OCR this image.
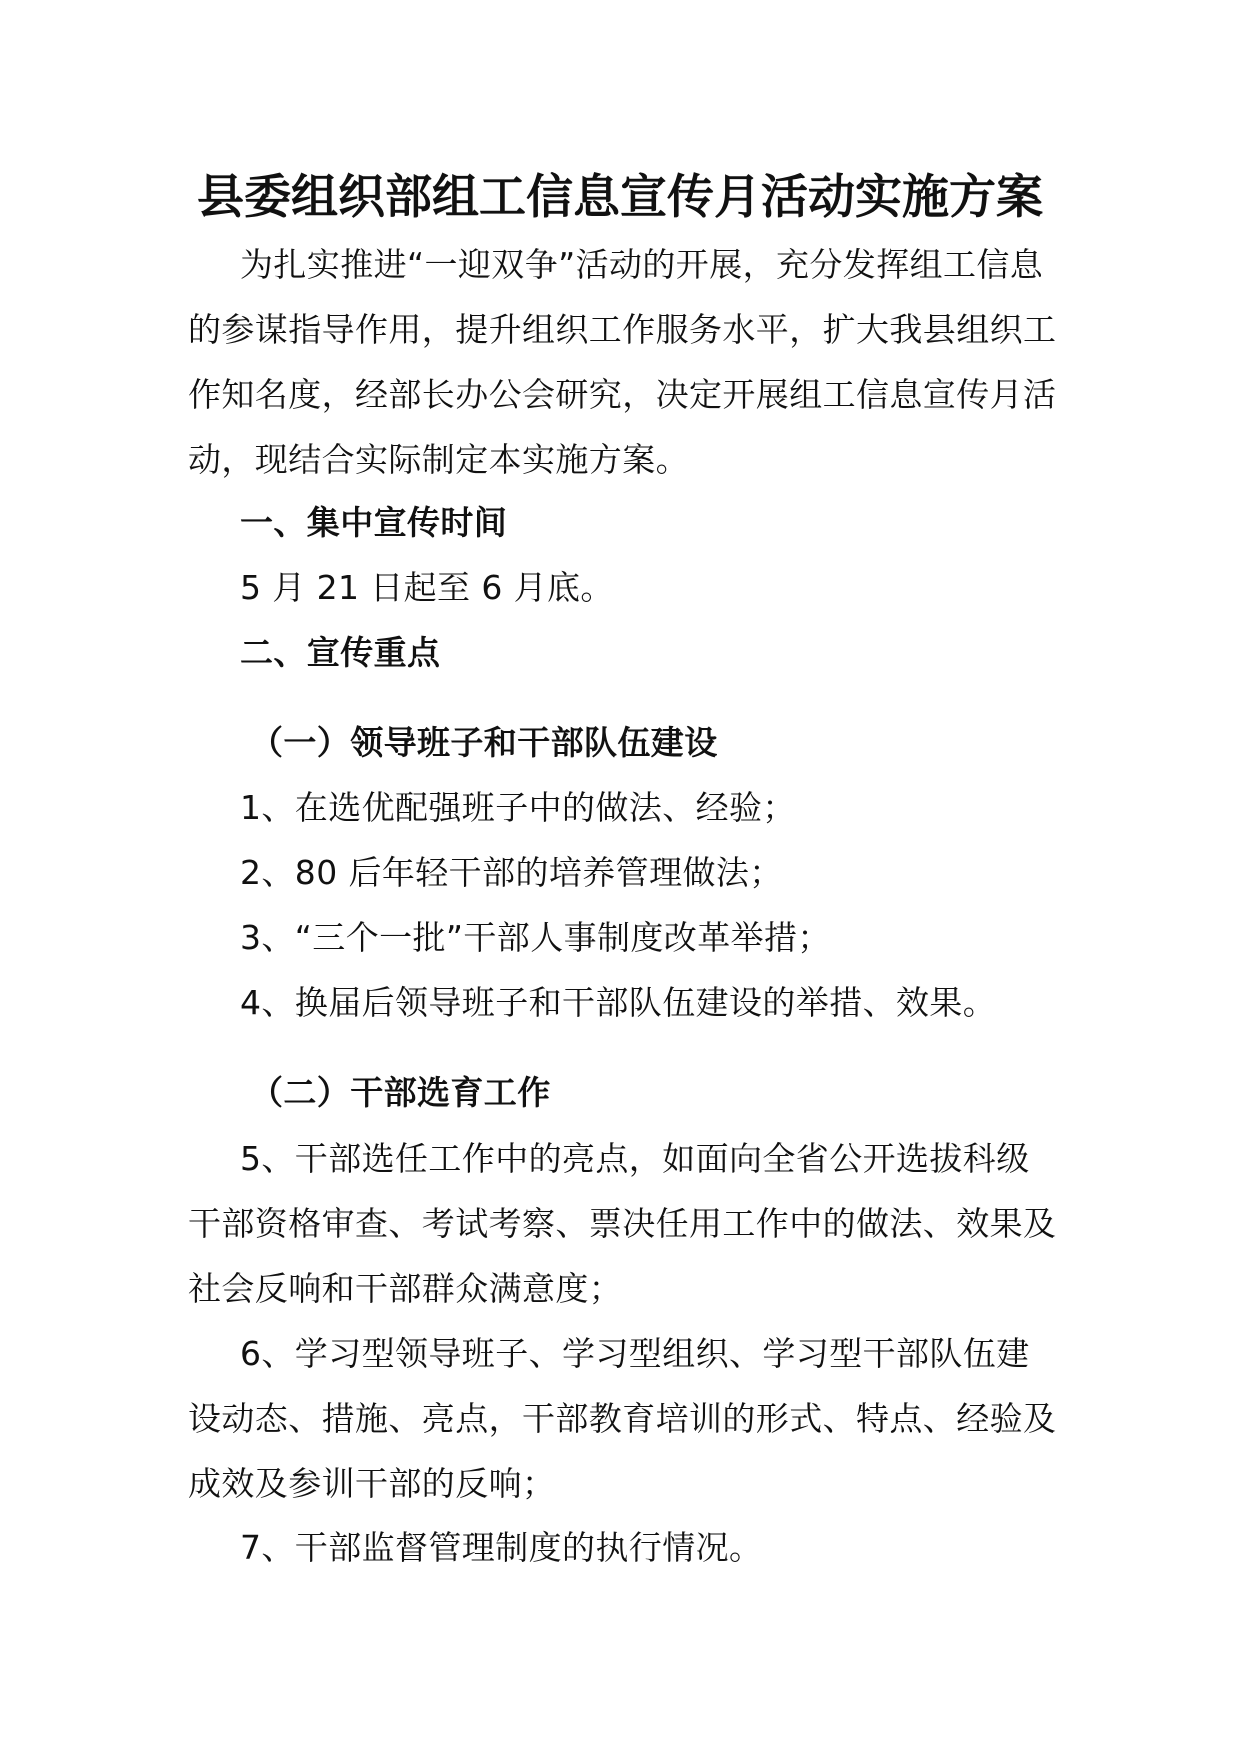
县委组织部组工信息宣传月活动实施方案

为扎实推进“一迎双争”活动的开展，充分发挥组工信息的参谋指导作用，提升组织工作服务水平，扩大我县组织工作知名度，经部长办公会研究，决定开展组工信息宣传月活动，现结合实际制定本实施方案。

一、集中宣传时间
5 月 21 日起至 6 月底。
二、宣传重点
（一）领导班子和干部队伍建设
1、在选优配强班子中的做法、经验；
2、80 后年轻干部的培养管理做法；
3、“三个一批”干部人事制度改革举措；
4、换届后领导班子和干部队伍建设的举措、效果。
（二）干部选育工作

5、干部选任工作中的亮点，如面向全省公开选拔科级干部资格审查、考试考察、票决任用工作中的做法、效果及社会反响和干部群众满意度；

6、学习型领导班子、学习型组织、学习型干部队伍建设动态、措施、亮点，干部教育培训的形式、特点、经验及成效及参训干部的反响；

7、干部监督管理制度的执行情况。
